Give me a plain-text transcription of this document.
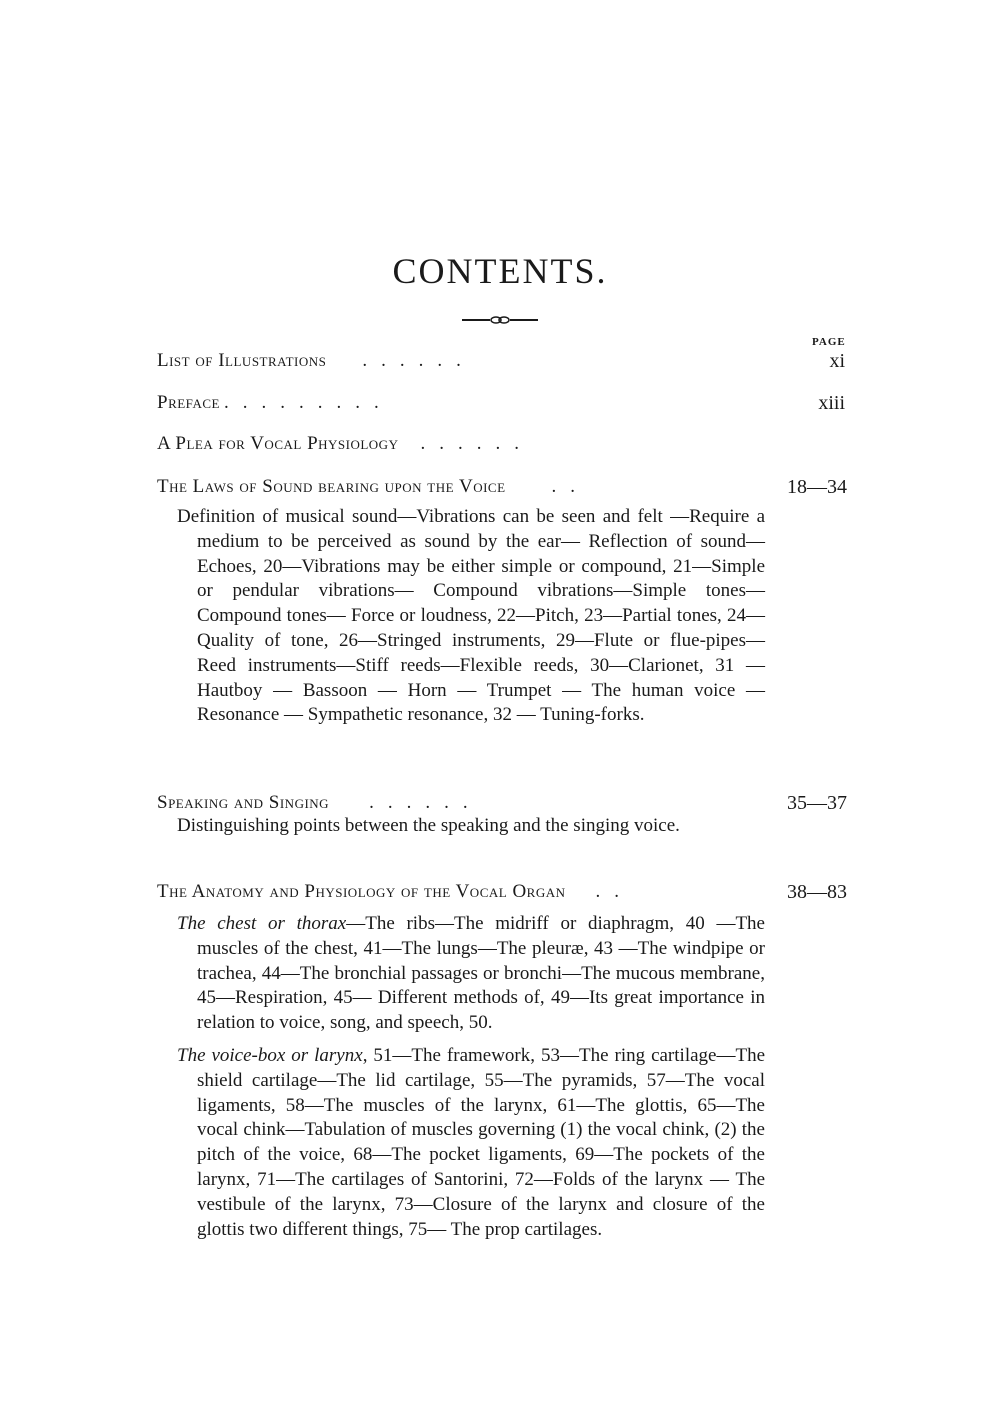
CONTENTS.
PAGE
List of Illustrations ......	xi
Preface .........	xiii
A Plea for Vocal Physiology ......
The Laws of Sound bearing upon the Voice ..	18—34

Definition of musical sound—Vibrations can be seen and felt —Require a medium to be perceived as sound by the ear— Reflection of sound—Echoes, 20—Vibrations may be either simple or compound, 21—Simple or pendular vibrations— Compound vibrations—Simple tones—Compound tones— Force or loudness, 22—Pitch, 23—Partial tones, 24—Quality of tone, 26—Stringed instruments, 29—Flute or flue-pipes— Reed instruments—Stiff reeds—Flexible reeds, 30—Clarionet, 31 — Hautboy — Bassoon — Horn — Trumpet — The human voice — Resonance — Sympathetic resonance, 32 — Tuning-forks.

Speaking and Singing ......	35—37

Distinguishing points between the speaking and the singing voice.

The Anatomy and Physiology of the Vocal Organ ..	38—83

The chest or thorax—The ribs—The midriff or diaphragm, 40 —The muscles of the chest, 41—The lungs—The pleuræ, 43 —The windpipe or trachea, 44—The bronchial passages or bronchi—The mucous membrane, 45—Respiration, 45— Different methods of, 49—Its great importance in relation to voice, song, and speech, 50.

The voice-box or larynx, 51—The framework, 53—The ring cartilage—The shield cartilage—The lid cartilage, 55—The pyramids, 57—The vocal ligaments, 58—The muscles of the larynx, 61—The glottis, 65—The vocal chink—Tabulation of muscles governing (1) the vocal chink, (2) the pitch of the voice, 68—The pocket ligaments, 69—The pockets of the larynx, 71—The cartilages of Santorini, 72—Folds of the larynx — The vestibule of the larynx, 73—Closure of the larynx and closure of the glottis two different things, 75— The prop cartilages.
